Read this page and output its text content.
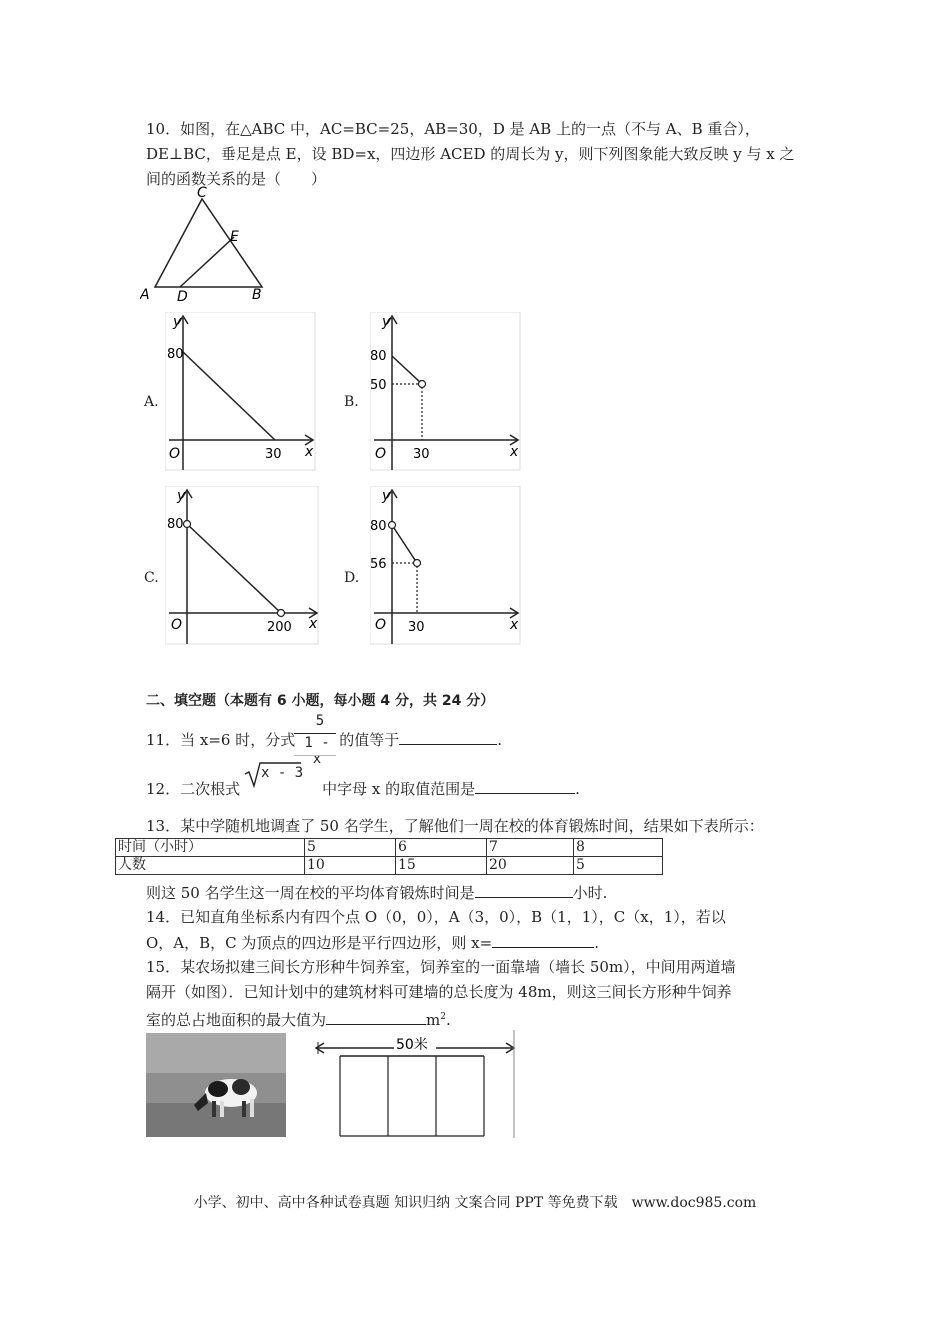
10．如图，在△ABC 中，AC=BC=25，AB=30，D 是 AB 上的一点（不与 A、B 重合），
DE⊥BC，垂足是点 E，设 BD=x，四边形 ACED 的周长为 y，则下列图象能大致反映 y 与 x 之
间的函数关系的是（　　）
A
C
E
D	B
A.
y
x
80
30
O
B.
y
x
80
50
30
O
C.
y
x
80
200
O
D.
y
x
80
56
30
O
二、填空题（本题有 6 小题，每小题 4 分，共 24 分）
11．当 x=6 时，分式	的值等于	.
5
1 - x
12．二次根式	中字母 x 的取值范围是	.
x - 3
13．某中学随机地调查了 50 名学生，了解他们一周在校的体育锻炼时间，结果如下表所示：
时间（小时）	5	6	7	8
人数	10	15	20	5
则这 50 名学生这一周在校的平均体育锻炼时间是	小时.
14．已知直角坐标系内有四个点 O（0，0），A（3，0），B（1，1），C（x，1），若以
O，A，B，C 为顶点的四边形是平行四边形，则 x=	.
15．某农场拟建三间长方形种牛饲养室，饲养室的一面靠墙（墙长 50m），中间用两道墙
隔开（如图）．已知计划中的建筑材料可建墙的总长度为 48m，则这三间长方形种牛饲养
室的总占地面积的最大值为	$m^2$.
50米
小学、初中、高中各种试卷真题 知识归纳 文案合同 PPT 等免费下载　www.doc985.com
